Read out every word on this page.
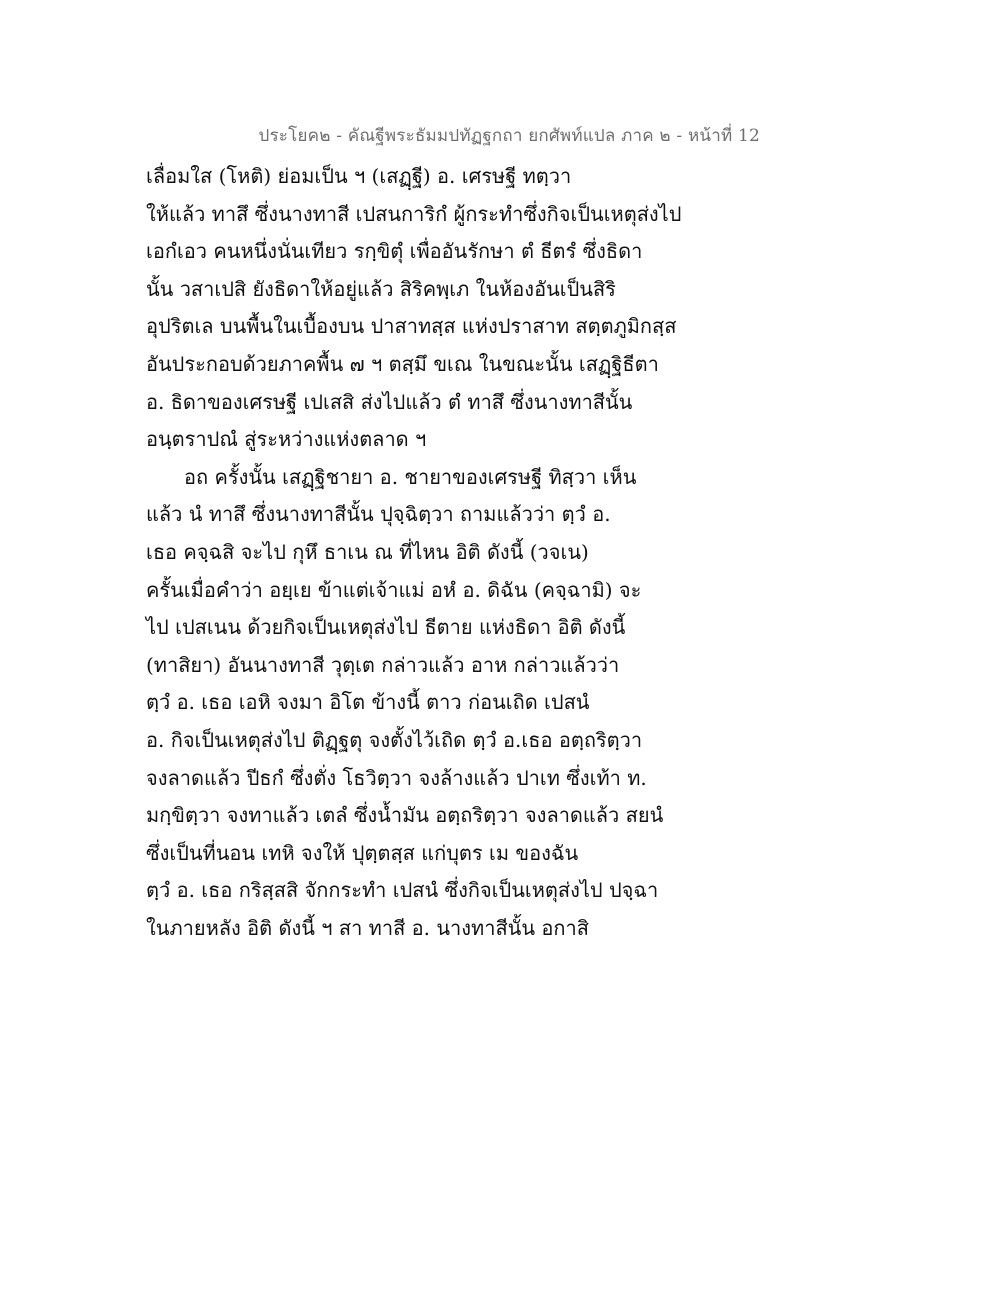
ประโยค๒ - คัณฐีพระธัมมปทัฏฐกถา ยกศัพท์แปล ภาค ๒ - หน้าที่ 12
เลื่อมใส (โหติ) ย่อมเป็น ฯ (เสฏฺฐี) อ. เศรษฐี ทตฺวา
ให้แล้ว ทาสึ ซึ่งนางทาสี เปสนการิกํ ผู้กระทำซึ่งกิจเป็นเหตุส่งไป
เอกํเอว คนหนึ่งนั่นเทียว รกฺขิตุํ เพื่ออันรักษา ตํ ธีตรํ ซึ่งธิดา
นั้น วสาเปสิ ยังธิดาให้อยู่แล้ว สิริคพฺเภ ในห้องอันเป็นสิริ
อุปริตเล บนพื้นในเบื้องบน ปาสาทสฺส แห่งปราสาท สตฺตภูมิกสฺส
อันประกอบด้วยภาคพื้น ๗ ฯ ตสฺมึ ขเณ ในขณะนั้น เสฏฺฐิธีตา
อ. ธิดาของเศรษฐี เปเสสิ ส่งไปแล้ว ตํ ทาสึ ซึ่งนางทาสีนั้น
อนฺตราปณํ สู่ระหว่างแห่งตลาด ฯ
อถ ครั้งนั้น เสฏฺฐิชายา อ. ชายาของเศรษฐี ทิสฺวา เห็น
แล้ว นํ ทาสึ ซึ่งนางทาสีนั้น ปุจฺฉิตฺวา ถามแล้วว่า ตฺวํ อ.
เธอ คจฺฉสิ จะไป กุหึ ธาเน ณ ที่ไหน อิติ ดังนี้ (วจเน)
ครั้นเมื่อคำว่า อยฺเย ข้าแต่เจ้าแม่ อหํ อ. ดิฉัน (คจฺฉามิ) จะ
ไป เปสเนน ด้วยกิจเป็นเหตุส่งไป ธีตาย แห่งธิดา อิติ ดังนี้
(ทาสิยา) อันนางทาสี วุตฺเต กล่าวแล้ว อาห กล่าวแล้วว่า
ตฺวํ อ. เธอ เอหิ จงมา อิโต ข้างนี้ ตาว ก่อนเถิด เปสนํ
อ. กิจเป็นเหตุส่งไป ติฏฺฐตุ จงตั้งไว้เถิด ตฺวํ อ.เธอ อตฺถริตฺวา
จงลาดแล้ว ปีธกํ ซึ่งตั่ง โธวิตฺวา จงล้างแล้ว ปาเท ซึ่งเท้า ท.
มกฺขิตฺวา จงทาแล้ว เตลํ ซึ่งน้ำมัน อตฺถริตฺวา จงลาดแล้ว สยนํ
ซึ่งเป็นที่นอน เทหิ จงให้ ปุตฺตสฺส แก่บุตร เม ของฉัน
ตฺวํ อ. เธอ กริสฺสสิ จักกระทำ เปสนํ ซึ่งกิจเป็นเหตุส่งไป ปจฺฉา
ในภายหลัง อิติ ดังนี้ ฯ สา ทาสี อ. นางทาสีนั้น อกาสิ
